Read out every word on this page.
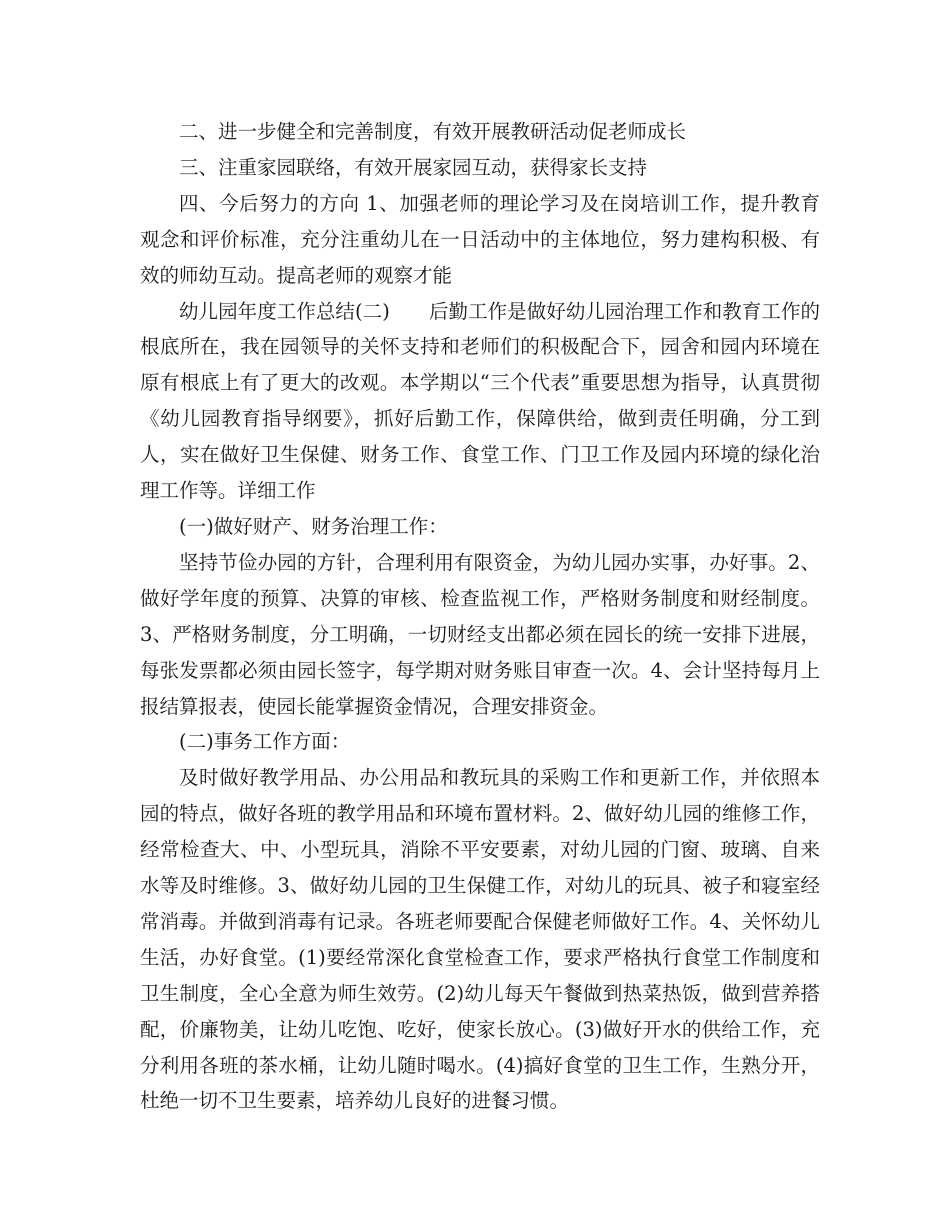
二、进一步健全和完善制度，有效开展教研活动促老师成长

三、注重家园联络，有效开展家园互动，获得家长支持

四、今后努力的方向 1、加强老师的理论学习及在岗培训工作，提升教育观念和评价标准，充分注重幼儿在一日活动中的主体地位，努力建构积极、有效的师幼互动。提高老师的观察才能

幼儿园年度工作总结(二)　　后勤工作是做好幼儿园治理工作和教育工作的根底所在，我在园领导的关怀支持和老师们的积极配合下，园舍和园内环境在原有根底上有了更大的改观。本学期以“三个代表”重要思想为指导，认真贯彻《幼儿园教育指导纲要》，抓好后勤工作，保障供给，做到责任明确，分工到人，实在做好卫生保健、财务工作、食堂工作、门卫工作及园内环境的绿化治理工作等。详细工作

(一)做好财产、财务治理工作：

坚持节俭办园的方针，合理利用有限资金，为幼儿园办实事，办好事。2、做好学年度的预算、决算的审核、检查监视工作，严格财务制度和财经制度。3、严格财务制度，分工明确，一切财经支出都必须在园长的统一安排下进展，每张发票都必须由园长签字，每学期对财务账目审查一次。4、会计坚持每月上报结算报表，使园长能掌握资金情况，合理安排资金。

(二)事务工作方面：

及时做好教学用品、办公用品和教玩具的采购工作和更新工作，并依照本园的特点，做好各班的教学用品和环境布置材料。2、做好幼儿园的维修工作，经常检查大、中、小型玩具，消除不平安要素，对幼儿园的门窗、玻璃、自来水等及时维修。3、做好幼儿园的卫生保健工作，对幼儿的玩具、被子和寝室经常消毒。并做到消毒有记录。各班老师要配合保健老师做好工作。4、关怀幼儿生活，办好食堂。(1)要经常深化食堂检查工作，要求严格执行食堂工作制度和卫生制度，全心全意为师生效劳。(2)幼儿每天午餐做到热菜热饭，做到营养搭配，价廉物美，让幼儿吃饱、吃好，使家长放心。(3)做好开水的供给工作，充分利用各班的茶水桶，让幼儿随时喝水。(4)搞好食堂的卫生工作，生熟分开，杜绝一切不卫生要素，培养幼儿良好的进餐习惯。
